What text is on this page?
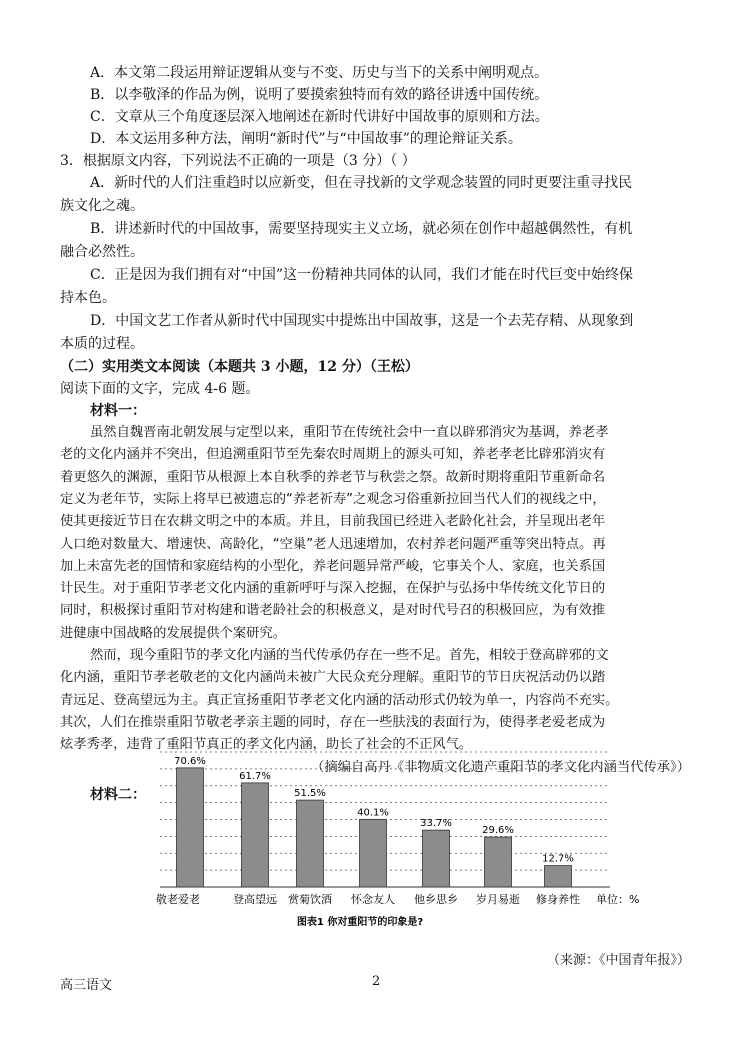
A．本文第二段运用辩证逻辑从变与不变、历史与当下的关系中阐明观点。
B．以李敬泽的作品为例，说明了要摸索独特而有效的路径讲透中国传统。
C．文章从三个角度逐层深入地阐述在新时代讲好中国故事的原则和方法。
D．本文运用多种方法，阐明“新时代”与“中国故事”的理论辩证关系。
3．根据原文内容，下列说法不正确的一项是（3 分）（ ）
A．新时代的人们注重趋时以应新变，但在寻找新的文学观念装置的同时更要注重寻找民
族文化之魂。
B．讲述新时代的中国故事，需要坚持现实主义立场，就必须在创作中超越偶然性，有机
融合必然性。
C．正是因为我们拥有对“中国”这一份精神共同体的认同，我们才能在时代巨变中始终保
持本色。
D．中国文艺工作者从新时代中国现实中提炼出中国故事，这是一个去芜存精、从现象到
本质的过程。
（二）实用类文本阅读（本题共 3 小题，12 分）（王松）
阅读下面的文字，完成 4-6 题。
材料一：
虽然自魏晋南北朝发展与定型以来，重阳节在传统社会中一直以辟邪消灾为基调，养老孝
老的文化内涵并不突出，但追溯重阳节至先秦农时周期上的源头可知，养老孝老比辟邪消灾有
着更悠久的渊源，重阳节从根源上本自秋季的养老节与秋尝之祭。故新时期将重阳节重新命名
定义为老年节，实际上将早已被遗忘的“养老祈寿”之观念习俗重新拉回当代人们的视线之中，
使其更接近节日在农耕文明之中的本质。并且，目前我国已经进入老龄化社会，并呈现出老年
人口绝对数量大、增速快、高龄化，“空巢”老人迅速增加，农村养老问题严重等突出特点。再
加上未富先老的国情和家庭结构的小型化，养老问题异常严峻，它事关个人、家庭，也关系国
计民生。对于重阳节孝老文化内涵的重新呼吁与深入挖掘，在保护与弘扬中华传统文化节日的
同时，积极探讨重阳节对构建和谐老龄社会的积极意义，是对时代号召的积极回应，为有效推
进健康中国战略的发展提供个案研究。
然而，现今重阳节的孝文化内涵的当代传承仍存在一些不足。首先，相较于登高辟邪的文
化内涵，重阳节孝老敬老的文化内涵尚未被广大民众充分理解。重阳节的节日庆祝活动仍以踏
青远足、登高望远为主。真正宣扬重阳节孝老文化内涵的活动形式仍较为单一，内容尚不充实。
其次，人们在推崇重阳节敬老孝亲主题的同时，存在一些肤浅的表面行为，使得孝老爱老成为
炫孝秀孝，违背了重阳节真正的孝文化内涵，助长了社会的不正风气。
（摘编自高丹《非物质文化遗产重阳节的孝文化内涵当代传承》）
材料二：
70.6%
敬老爱老
61.7%
登高望远
51.5%
赏菊饮酒
40.1%
怀念友人
33.7%
他乡思乡
29.6%
岁月易逝
12.7%
修身养性 单位：%
图表1 你对重阳节的印象是?
（来源：《中国青年报》）
高三语文	2
